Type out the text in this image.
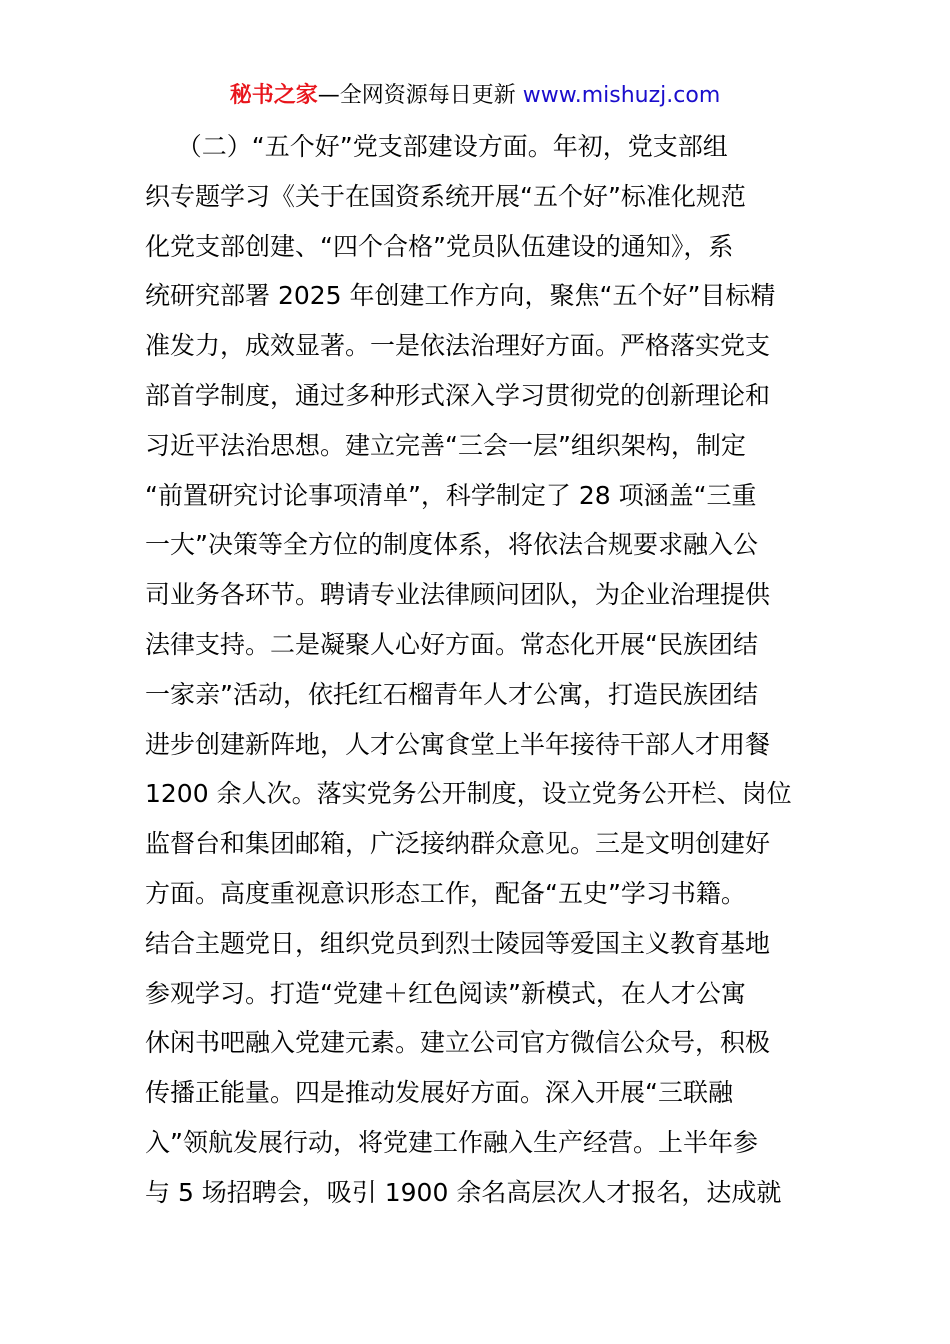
秘书之家—全网资源每日更新 www.mishuzj.com
（二）“五个好”党支部建设方面。年初，党支部组
织专题学习《关于在国资系统开展“五个好”标准化规范
化党支部创建、“四个合格”党员队伍建设的通知》，系
统研究部署 2025 年创建工作方向，聚焦“五个好”目标精
准发力，成效显著。一是依法治理好方面。严格落实党支
部首学制度，通过多种形式深入学习贯彻党的创新理论和
习近平法治思想。建立完善“三会一层”组织架构，制定
“前置研究讨论事项清单”，科学制定了 28 项涵盖“三重
一大”决策等全方位的制度体系，将依法合规要求融入公
司业务各环节。聘请专业法律顾问团队，为企业治理提供
法律支持。二是凝聚人心好方面。常态化开展“民族团结
一家亲”活动，依托红石榴青年人才公寓，打造民族团结
进步创建新阵地，人才公寓食堂上半年接待干部人才用餐
1200 余人次。落实党务公开制度，设立党务公开栏、岗位
监督台和集团邮箱，广泛接纳群众意见。三是文明创建好
方面。高度重视意识形态工作，配备“五史”学习书籍。
结合主题党日，组织党员到烈士陵园等爱国主义教育基地
参观学习。打造“党建＋红色阅读”新模式，在人才公寓
休闲书吧融入党建元素。建立公司官方微信公众号，积极
传播正能量。四是推动发展好方面。深入开展“三联融
入”领航发展行动，将党建工作融入生产经营。上半年参
与 5 场招聘会，吸引 1900 余名高层次人才报名，达成就
